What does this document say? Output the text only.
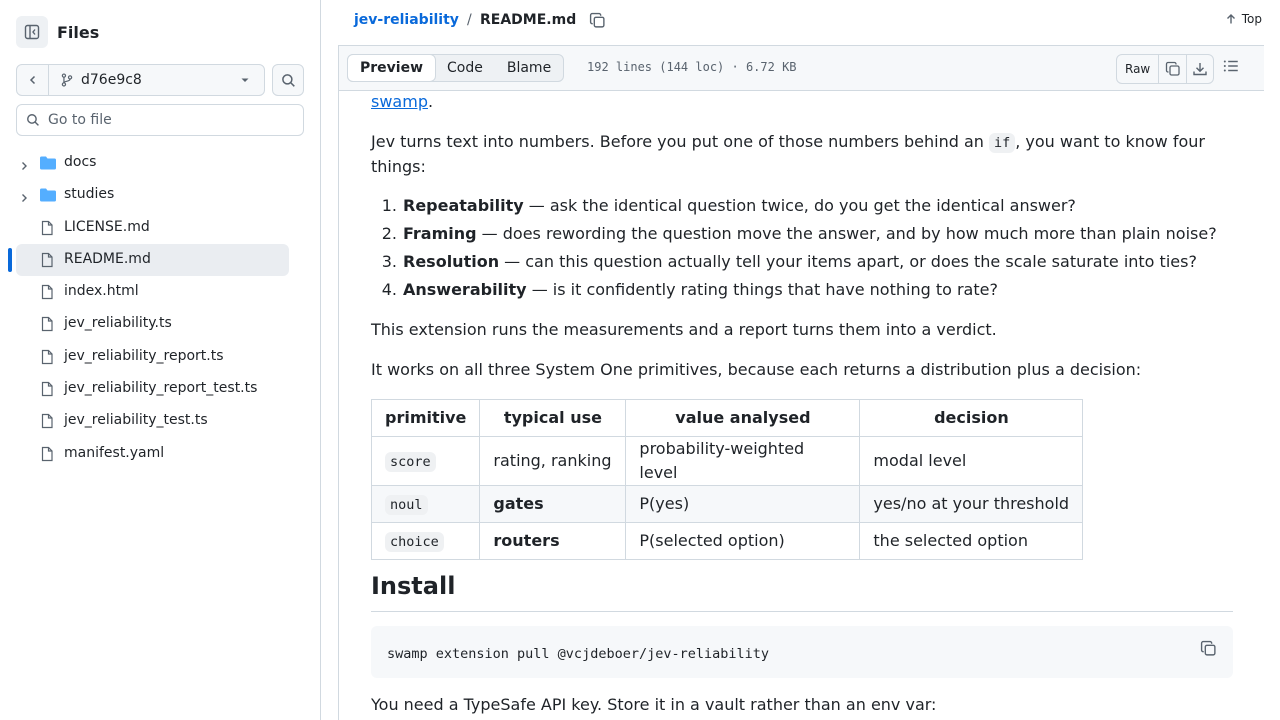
Files
d76e9c8
Go to file
docs
studies
LICENSE.md
README.md
index.html
jev_reliability.ts
jev_reliability_report.ts
jev_reliability_report_test.ts
jev_reliability_test.ts
manifest.yaml
jev-reliability / README.md	Top
Preview	Code	Blame	192 lines (144 loc) · 6.72 KB	Raw

swamp.

Jev turns text into numbers. Before you put one of those numbers behind an if , you want to know four things:

1. Repeatability — ask the identical question twice, do you get the identical answer?
2. Framing — does rewording the question move the answer, and by how much more than plain noise?
3. Resolution — can this question actually tell your items apart, or does the scale saturate into ties?
4. Answerability — is it confidently rating things that have nothing to rate?

This extension runs the measurements and a report turns them into a verdict.

It works on all three System One primitives, because each returns a distribution plus a decision:

primitive	typical use	value analysed	decision
score	rating, ranking	probability-weighted level	modal level
noul	gates	P(yes)	yes/no at your threshold
choice	routers	P(selected option)	the selected option
Install
swamp extension pull @vcjdeboer/jev-reliability

You need a TypeSafe API key. Store it in a vault rather than an env var:
